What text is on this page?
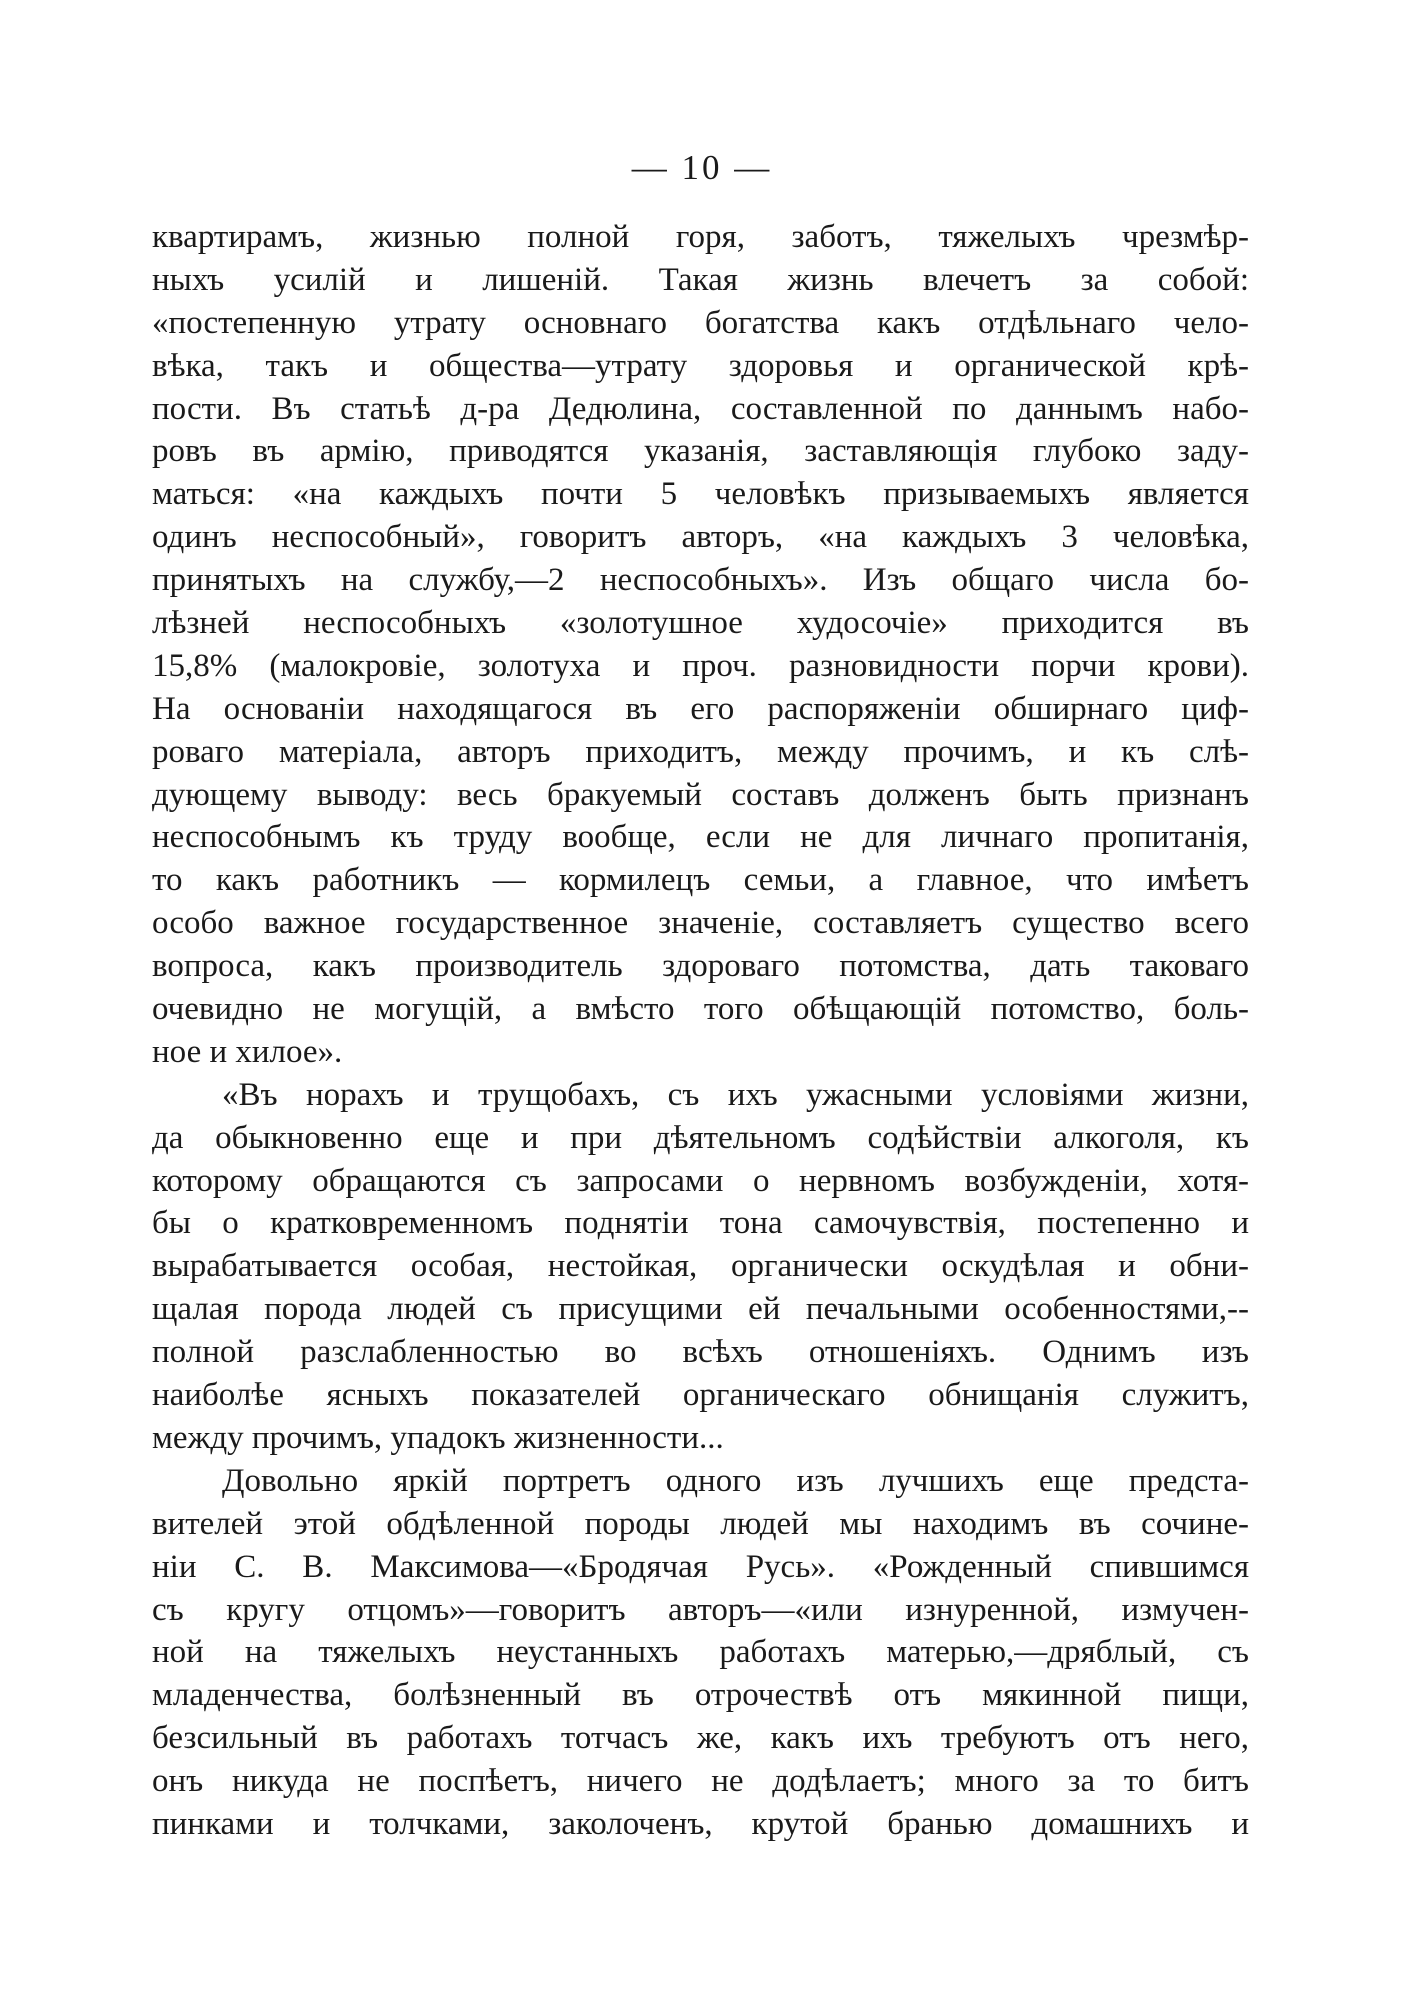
— 10 —
квартирамъ, жизнью полной горя, заботъ, тяжелыхъ чрезмѣр-
ныхъ усилій и лишеній. Такая жизнь влечетъ за собой:
«постепенную утрату основнаго богатства какъ отдѣльнаго чело-
вѣка, такъ и общества—утрату здоровья и органической крѣ-
пости. Въ статьѣ д-ра Дедюлина, составленной по даннымъ набо-
ровъ въ армію, приводятся указанія, заставляющія глубоко заду-
маться: «на каждыхъ почти 5 человѣкъ призываемыхъ является
одинъ неспособный», говоритъ авторъ, «на каждыхъ 3 человѣка,
принятыхъ на службу,—2 неспособныхъ». Изъ общаго числа бо-
лѣзней неспособныхъ «золотушное худосочіе» приходится въ
15,8% (малокровіе, золотуха и проч. разновидности порчи крови).
На основаніи находящагося въ его распоряженіи обширнаго циф-
роваго матеріала, авторъ приходитъ, между прочимъ, и къ слѣ-
дующему выводу: весь бракуемый составъ долженъ быть признанъ
неспособнымъ къ труду вообще, если не для личнаго пропитанія,
то какъ работникъ — кормилецъ семьи, а главное, что имѣетъ
особо важное государственное значеніе, составляетъ существо всего
вопроса, какъ производитель здороваго потомства, дать таковаго
очевидно не могущій, а вмѣсто того обѣщающій потомство, боль-
ное и хилое».
«Въ норахъ и трущобахъ, съ ихъ ужасными условіями жизни,
да обыкновенно еще и при дѣятельномъ содѣйствіи алкоголя, къ
которому обращаются съ запросами о нервномъ возбужденіи, хотя-
бы о кратковременномъ поднятіи тона самочувствія, постепенно и
вырабатывается особая, нестойкая, органически оскудѣлая и обни-
щалая порода людей съ присущими ей печальными особенностями,--
полной разслабленностью во всѣхъ отношеніяхъ. Однимъ изъ
наиболѣе ясныхъ показателей органическаго обнищанія служитъ,
между прочимъ, упадокъ жизненности...
Довольно яркій портретъ одного изъ лучшихъ еще предста-
вителей этой обдѣленной породы людей мы находимъ въ сочине-
ніи С. В. Максимова—«Бродячая Русь». «Рожденный спившимся
съ кругу отцомъ»—говоритъ авторъ—«или изнуренной, измучен-
ной на тяжелыхъ неустанныхъ работахъ матерью,—дряблый, съ
младенчества, болѣзненный въ отрочествѣ отъ мякинной пищи,
безсильный въ работахъ тотчасъ же, какъ ихъ требуютъ отъ него,
онъ никуда не поспѣетъ, ничего не додѣлаетъ; много за то битъ
пинками и толчками, заколоченъ, крутой бранью домашнихъ и
